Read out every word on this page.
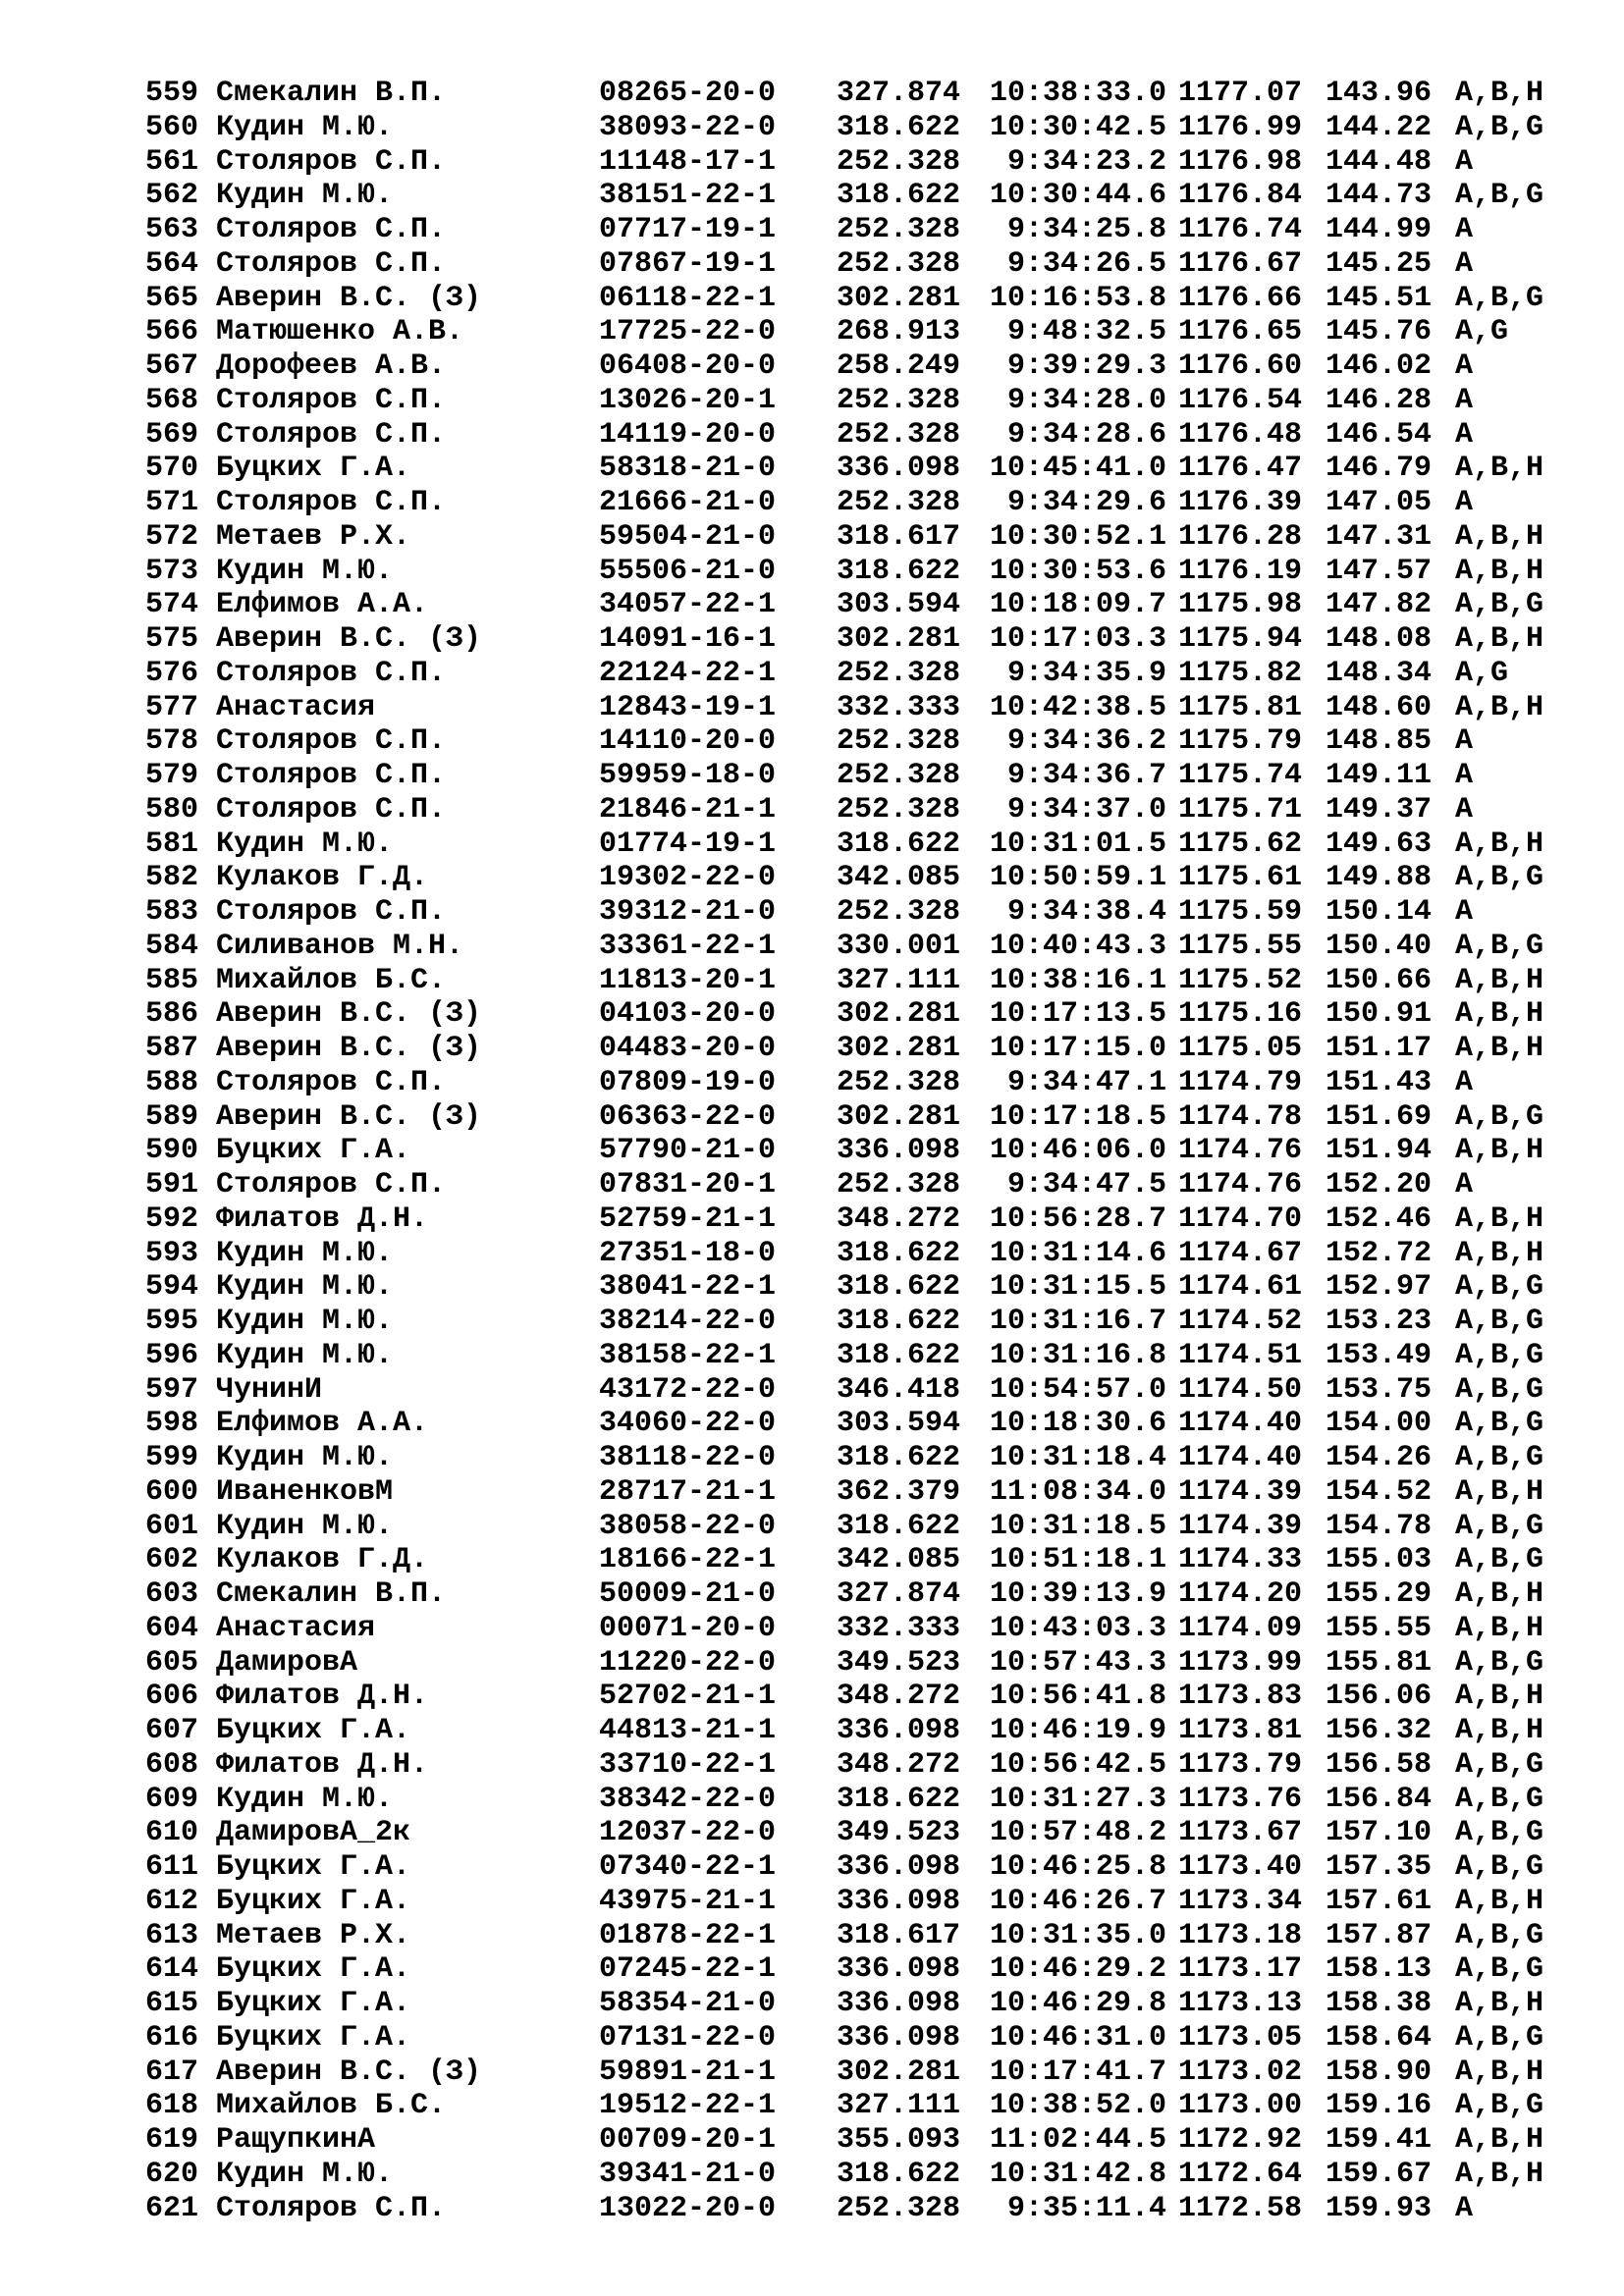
559 Смекалин В.П.	08265-20-0	327.874 10:38:33.0 1177.07 143.96 A,B,H
560 Кудин М.Ю.	38093-22-0	318.622 10:30:42.5 1176.99 144.22 A,B,G
561 Столяров С.П.	11148-17-1	252.328	9:34:23.2 1176.98 144.48 A
562 Кудин М.Ю.	38151-22-1	318.622 10:30:44.6 1176.84 144.73 A,B,G
563 Столяров С.П.	07717-19-1	252.328	9:34:25.8 1176.74 144.99 A
564 Столяров С.П.	07867-19-1	252.328	9:34:26.5 1176.67 145.25 A
565 Аверин В.С. (З)	06118-22-1	302.281 10:16:53.8 1176.66 145.51 A,B,G
566 Матюшенко А.В.	17725-22-0	268.913	9:48:32.5 1176.65 145.76 A,G
567 Дорофеев А.В.	06408-20-0	258.249	9:39:29.3 1176.60 146.02 A
568 Столяров С.П.	13026-20-1	252.328	9:34:28.0 1176.54 146.28 A
569 Столяров С.П.	14119-20-0	252.328	9:34:28.6 1176.48 146.54 A
570 Буцких Г.А.	58318-21-0	336.098 10:45:41.0 1176.47 146.79 A,B,H
571 Столяров С.П.	21666-21-0	252.328	9:34:29.6 1176.39 147.05 A
572 Метаев Р.Х.	59504-21-0	318.617 10:30:52.1 1176.28 147.31 A,B,H
573 Кудин М.Ю.	55506-21-0	318.622 10:30:53.6 1176.19 147.57 A,B,H
574 Елфимов А.А.	34057-22-1	303.594 10:18:09.7 1175.98 147.82 A,B,G
575 Аверин В.С. (З)	14091-16-1	302.281 10:17:03.3 1175.94 148.08 A,B,H
576 Столяров С.П.	22124-22-1	252.328	9:34:35.9 1175.82 148.34 A,G
577 Анастасия	12843-19-1	332.333 10:42:38.5 1175.81 148.60 A,B,H
578 Столяров С.П.	14110-20-0	252.328	9:34:36.2 1175.79 148.85 A
579 Столяров С.П.	59959-18-0	252.328	9:34:36.7 1175.74 149.11 A
580 Столяров С.П.	21846-21-1	252.328	9:34:37.0 1175.71 149.37 A
581 Кудин М.Ю.	01774-19-1	318.622 10:31:01.5 1175.62 149.63 A,B,H
582 Кулаков Г.Д.	19302-22-0	342.085 10:50:59.1 1175.61 149.88 A,B,G
583 Столяров С.П.	39312-21-0	252.328	9:34:38.4 1175.59 150.14 A
584 Силиванов М.Н.	33361-22-1	330.001 10:40:43.3 1175.55 150.40 A,B,G
585 Михайлов Б.С.	11813-20-1	327.111 10:38:16.1 1175.52 150.66 A,B,H
586 Аверин В.С. (З)	04103-20-0	302.281 10:17:13.5 1175.16 150.91 A,B,H
587 Аверин В.С. (З)	04483-20-0	302.281 10:17:15.0 1175.05 151.17 A,B,H
588 Столяров С.П.	07809-19-0	252.328	9:34:47.1 1174.79 151.43 A
589 Аверин В.С. (З)	06363-22-0	302.281 10:17:18.5 1174.78 151.69 A,B,G
590 Буцких Г.А.	57790-21-0	336.098 10:46:06.0 1174.76 151.94 A,B,H
591 Столяров С.П.	07831-20-1	252.328	9:34:47.5 1174.76 152.20 A
592 Филатов Д.Н.	52759-21-1	348.272 10:56:28.7 1174.70 152.46 A,B,H
593 Кудин М.Ю.	27351-18-0	318.622 10:31:14.6 1174.67 152.72 A,B,H
594 Кудин М.Ю.	38041-22-1	318.622 10:31:15.5 1174.61 152.97 A,B,G
595 Кудин М.Ю.	38214-22-0	318.622 10:31:16.7 1174.52 153.23 A,B,G
596 Кудин М.Ю.	38158-22-1	318.622 10:31:16.8 1174.51 153.49 A,B,G
597 ЧунинИ	43172-22-0	346.418 10:54:57.0 1174.50 153.75 A,B,G
598 Елфимов А.А.	34060-22-0	303.594 10:18:30.6 1174.40 154.00 A,B,G
599 Кудин М.Ю.	38118-22-0	318.622 10:31:18.4 1174.40 154.26 A,B,G
600 ИваненковМ	28717-21-1	362.379 11:08:34.0 1174.39 154.52 A,B,H
601 Кудин М.Ю.	38058-22-0	318.622 10:31:18.5 1174.39 154.78 A,B,G
602 Кулаков Г.Д.	18166-22-1	342.085 10:51:18.1 1174.33 155.03 A,B,G
603 Смекалин В.П.	50009-21-0	327.874 10:39:13.9 1174.20 155.29 A,B,H
604 Анастасия	00071-20-0	332.333 10:43:03.3 1174.09 155.55 A,B,H
605 ДамировА	11220-22-0	349.523 10:57:43.3 1173.99 155.81 A,B,G
606 Филатов Д.Н.	52702-21-1	348.272 10:56:41.8 1173.83 156.06 A,B,H
607 Буцких Г.А.	44813-21-1	336.098 10:46:19.9 1173.81 156.32 A,B,H
608 Филатов Д.Н.	33710-22-1	348.272 10:56:42.5 1173.79 156.58 A,B,G
609 Кудин М.Ю.	38342-22-0	318.622 10:31:27.3 1173.76 156.84 A,B,G
610 ДамировА_2к	12037-22-0	349.523 10:57:48.2 1173.67 157.10 A,B,G
611 Буцких Г.А.	07340-22-1	336.098 10:46:25.8 1173.40 157.35 A,B,G
612 Буцких Г.А.	43975-21-1	336.098 10:46:26.7 1173.34 157.61 A,B,H
613 Метаев Р.Х.	01878-22-1	318.617 10:31:35.0 1173.18 157.87 A,B,G
614 Буцких Г.А.	07245-22-1	336.098 10:46:29.2 1173.17 158.13 A,B,G
615 Буцких Г.А.	58354-21-0	336.098 10:46:29.8 1173.13 158.38 A,B,H
616 Буцких Г.А.	07131-22-0	336.098 10:46:31.0 1173.05 158.64 A,B,G
617 Аверин В.С. (З)	59891-21-1	302.281 10:17:41.7 1173.02 158.90 A,B,H
618 Михайлов Б.С.	19512-22-1	327.111 10:38:52.0 1173.00 159.16 A,B,G
619 РащупкинА	00709-20-1	355.093 11:02:44.5 1172.92 159.41 A,B,H
620 Кудин М.Ю.	39341-21-0	318.622 10:31:42.8 1172.64 159.67 A,B,H
621 Столяров С.П.	13022-20-0	252.328	9:35:11.4 1172.58 159.93 A
